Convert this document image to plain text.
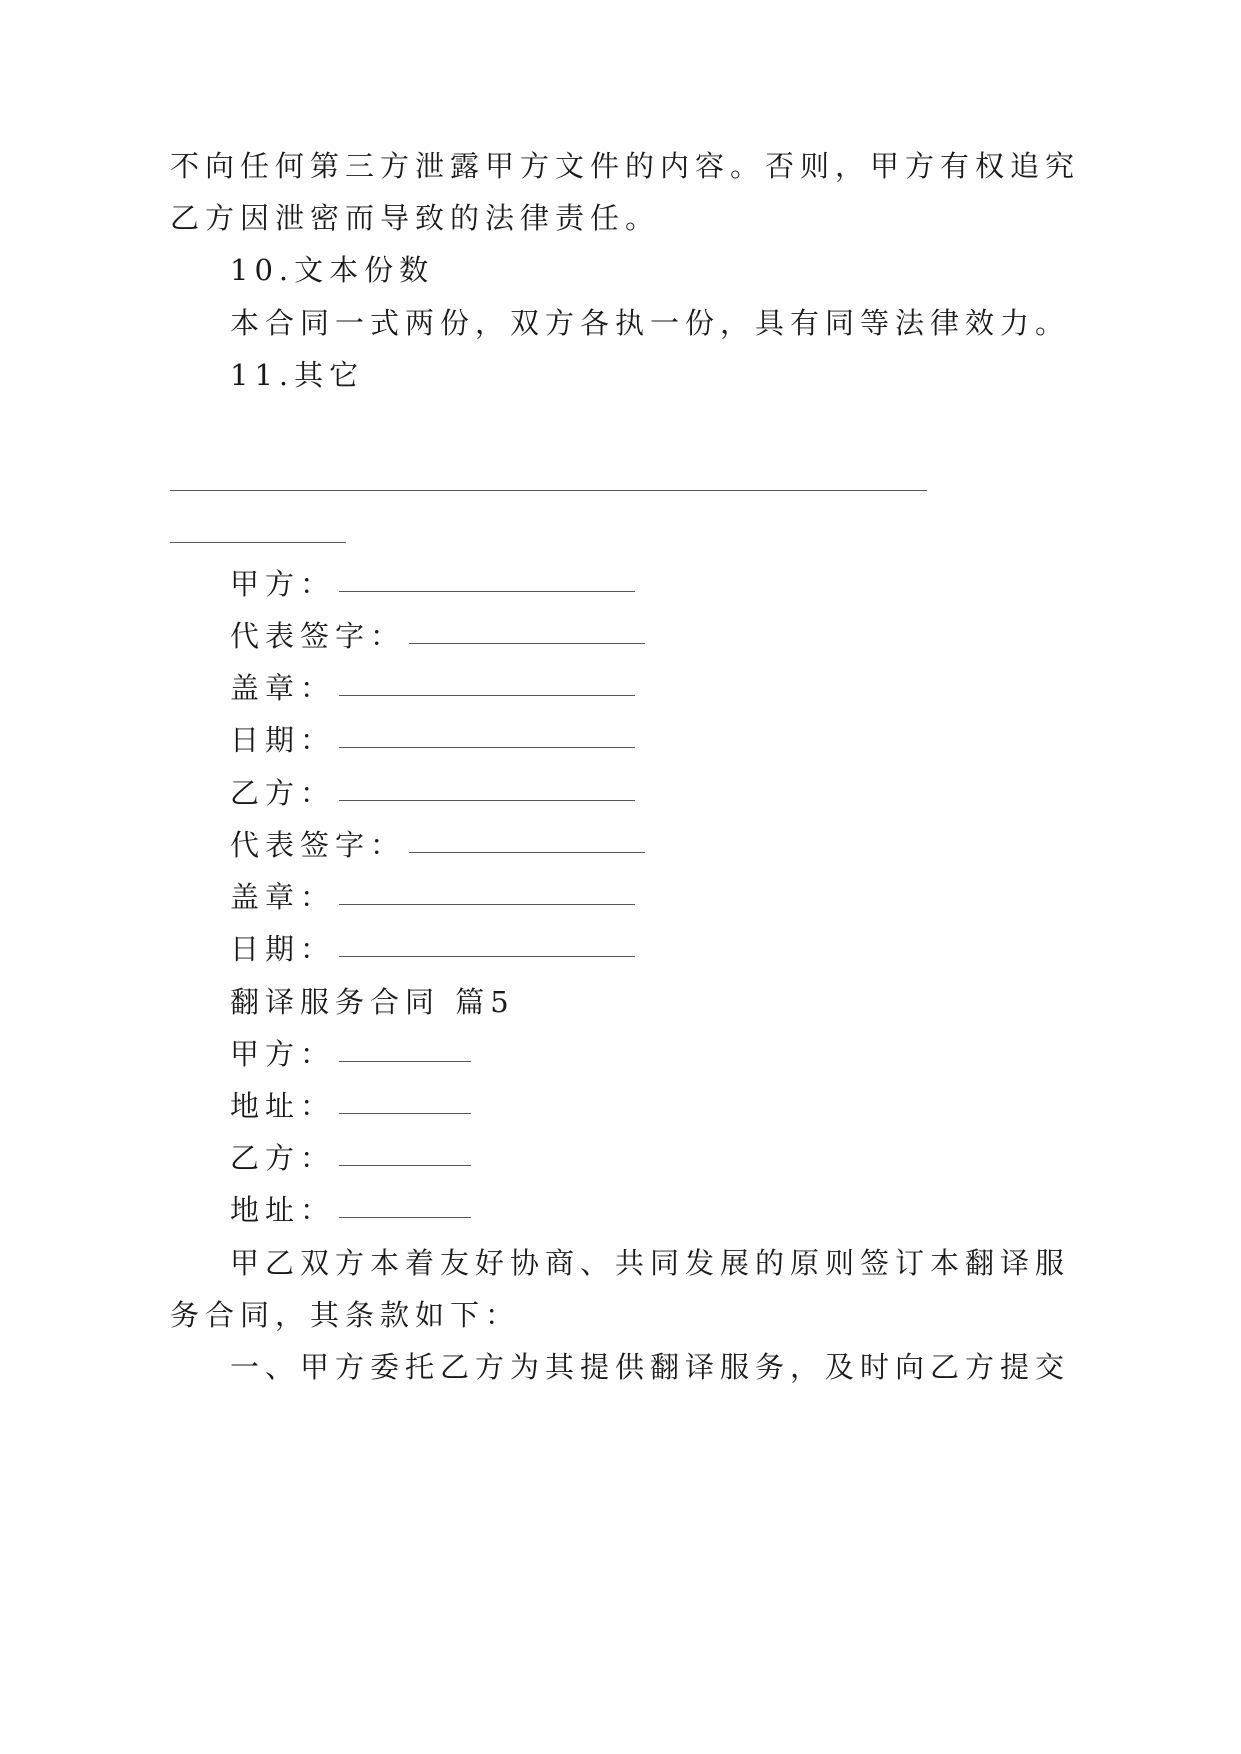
不向任何第三方泄露甲方文件的内容。否则，甲方有权追究
乙方因泄密而导致的法律责任。
10.文本份数
本合同一式两份，双方各执一份，具有同等法律效力。
11.其它
甲方：
代表签字：
盖章：
日期：
乙方：
代表签字：
盖章：
日期：
翻译服务合同 篇5
甲方：
地址：
乙方：
地址：
甲乙双方本着友好协商、共同发展的原则签订本翻译服
务合同，其条款如下：
一、甲方委托乙方为其提供翻译服务，及时向乙方提交
